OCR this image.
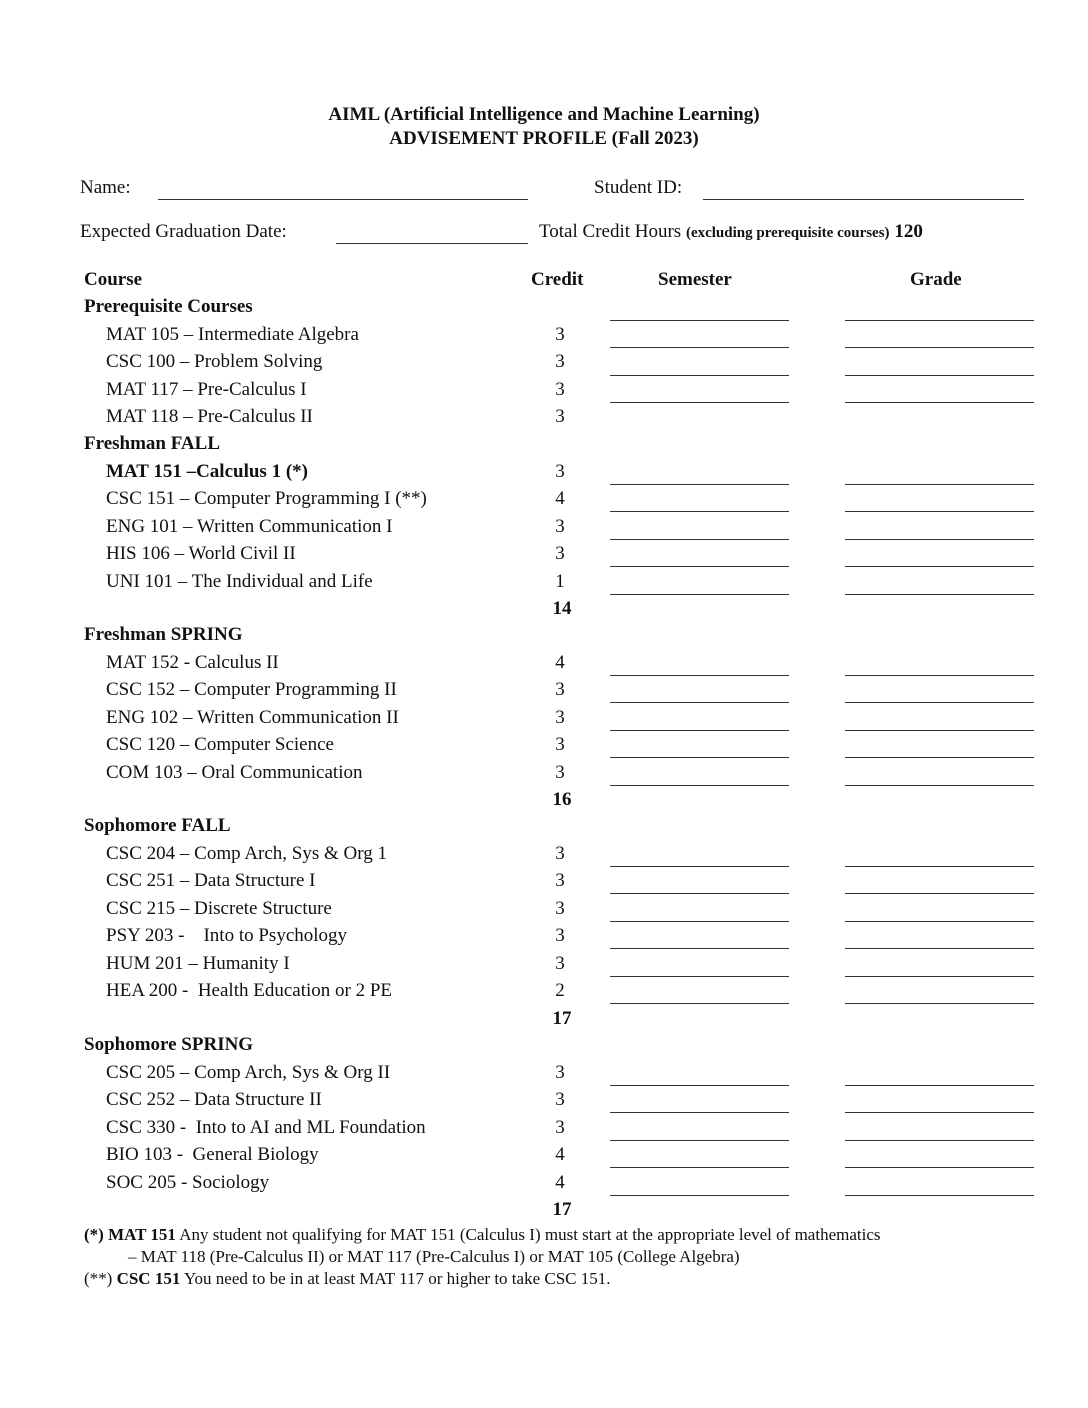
AIML (Artificial Intelligence and Machine Learning)
ADVISEMENT PROFILE (Fall 2023)
Name:	Student ID:
Expected Graduation Date:	Total Credit Hours (excluding prerequisite courses) 120
Course	Credit	Semester	Grade
Prerequisite Courses
MAT 105 – Intermediate Algebra	3
CSC 100 – Problem Solving	3
MAT 117 – Pre-Calculus I	3
MAT 118 – Pre-Calculus II	3
Freshman FALL
MAT 151 –Calculus 1 (*)	3
CSC 151 – Computer Programming I (**)	4
ENG 101 – Written Communication I	3
HIS 106 – World Civil II	3
UNI 101 – The Individual and Life	1
14
Freshman SPRING
MAT 152 - Calculus II	4
CSC 152 – Computer Programming II	3
ENG 102 – Written Communication II	3
CSC 120 – Computer Science	3
COM 103 – Oral Communication	3
16
Sophomore FALL
CSC 204 – Comp Arch, Sys & Org 1	3
CSC 251 – Data Structure I	3
CSC 215 – Discrete Structure	3
PSY 203 -    Into to Psychology	3
HUM 201 – Humanity I	3
HEA 200 -  Health Education or 2 PE	2
17
Sophomore SPRING
CSC 205 – Comp Arch, Sys & Org II	3
CSC 252 – Data Structure II	3
CSC 330 -  Into to AI and ML Foundation	3
BIO 103 -  General Biology	4
SOC 205 - Sociology	4
17
(*) MAT 151 Any student not qualifying for MAT 151 (Calculus I) must start at the appropriate level of mathematics
– MAT 118 (Pre-Calculus II) or MAT 117 (Pre-Calculus I) or MAT 105 (College Algebra)
(**) CSC 151 You need to be in at least MAT 117 or higher to take CSC 151.
